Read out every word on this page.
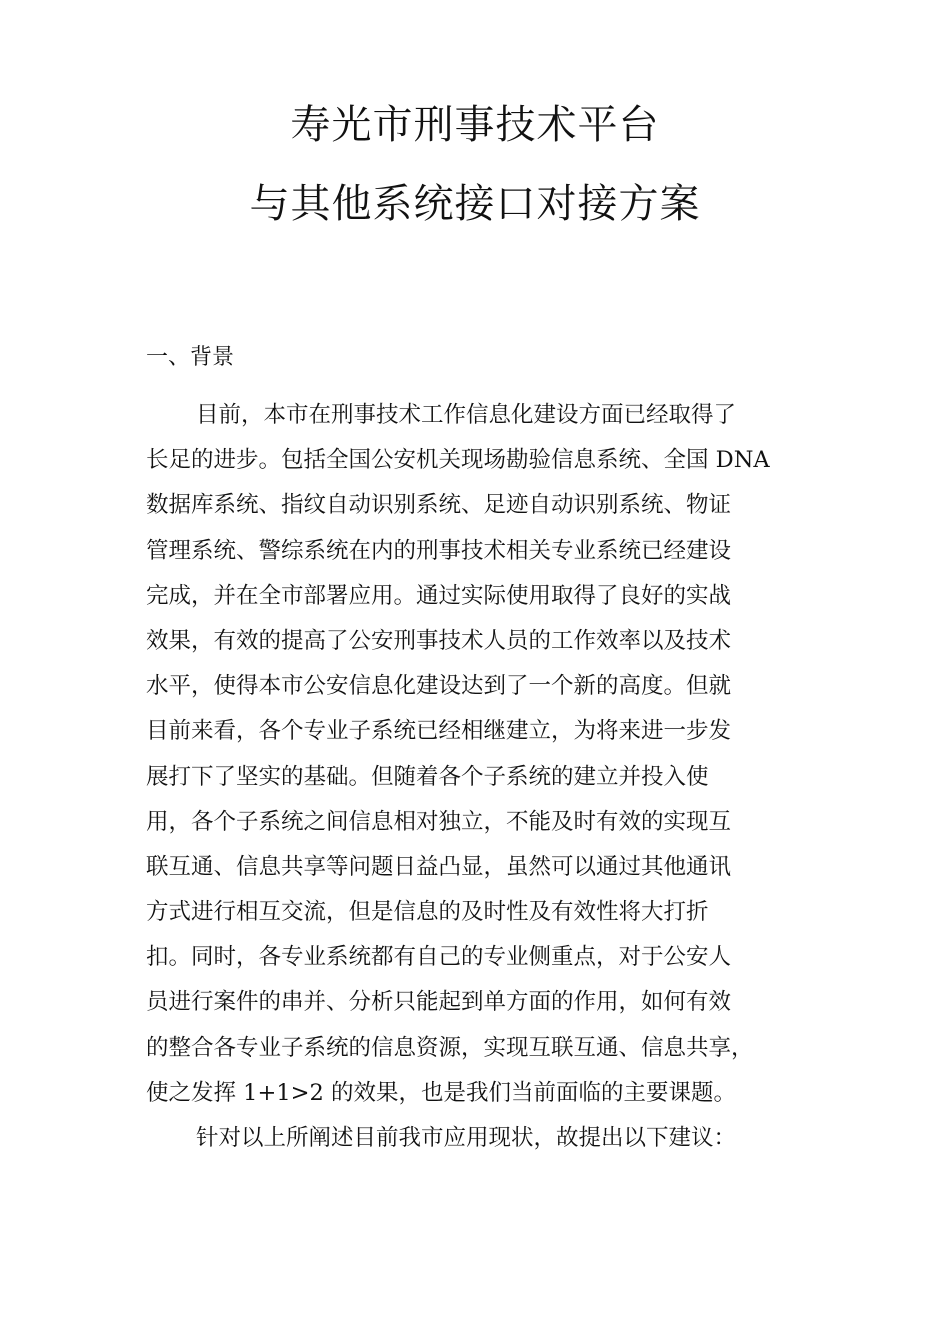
寿光市刑事技术平台
与其他系统接口对接方案
一、背景
目前，本市在刑事技术工作信息化建设方面已经取得了
长足的进步。包括全国公安机关现场勘验信息系统、全国 DNA
数据库系统、指纹自动识别系统、足迹自动识别系统、物证
管理系统、警综系统在内的刑事技术相关专业系统已经建设
完成，并在全市部署应用。通过实际使用取得了良好的实战
效果，有效的提高了公安刑事技术人员的工作效率以及技术
水平，使得本市公安信息化建设达到了一个新的高度。但就
目前来看，各个专业子系统已经相继建立，为将来进一步发
展打下了坚实的基础。但随着各个子系统的建立并投入使
用，各个子系统之间信息相对独立，不能及时有效的实现互
联互通、信息共享等问题日益凸显，虽然可以通过其他通讯
方式进行相互交流，但是信息的及时性及有效性将大打折
扣。同时，各专业系统都有自己的专业侧重点，对于公安人
员进行案件的串并、分析只能起到单方面的作用，如何有效
的整合各专业子系统的信息资源，实现互联互通、信息共享，
使之发挥 1+1>2 的效果，也是我们当前面临的主要课题。
针对以上所阐述目前我市应用现状，故提出以下建议：
